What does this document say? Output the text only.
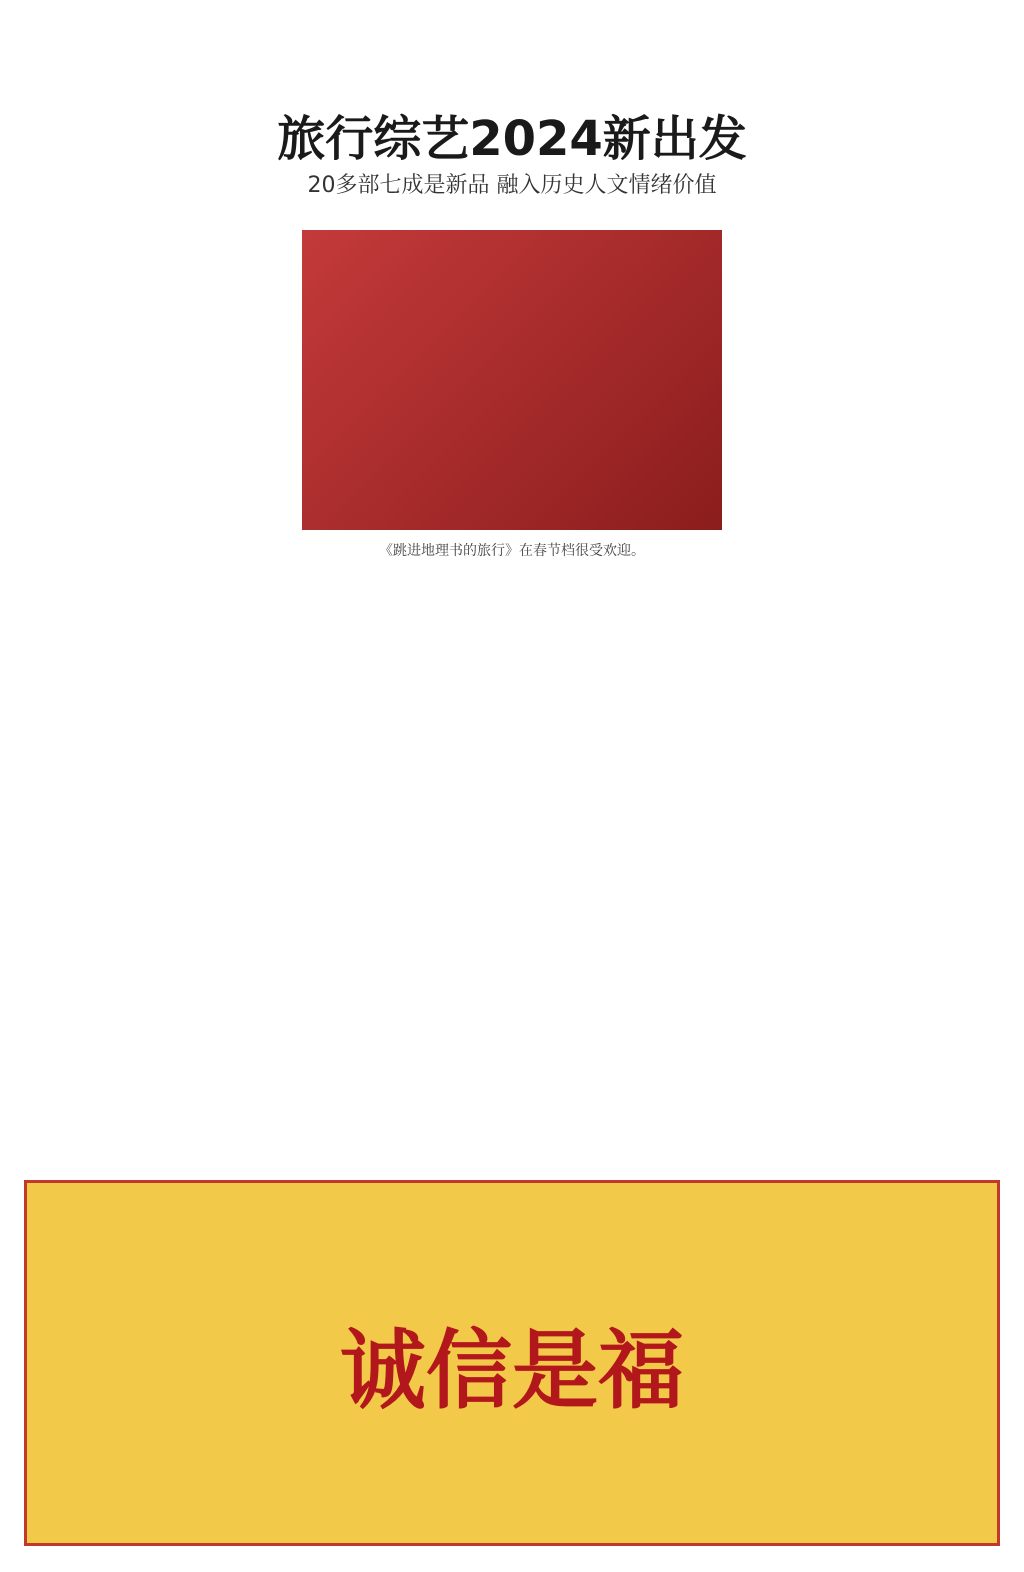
旅行综艺2024新出发
20多部七成是新品 融入历史人文情绪价值
《跳进地理书的旅行》在春节档很受欢迎。
诚信是福
